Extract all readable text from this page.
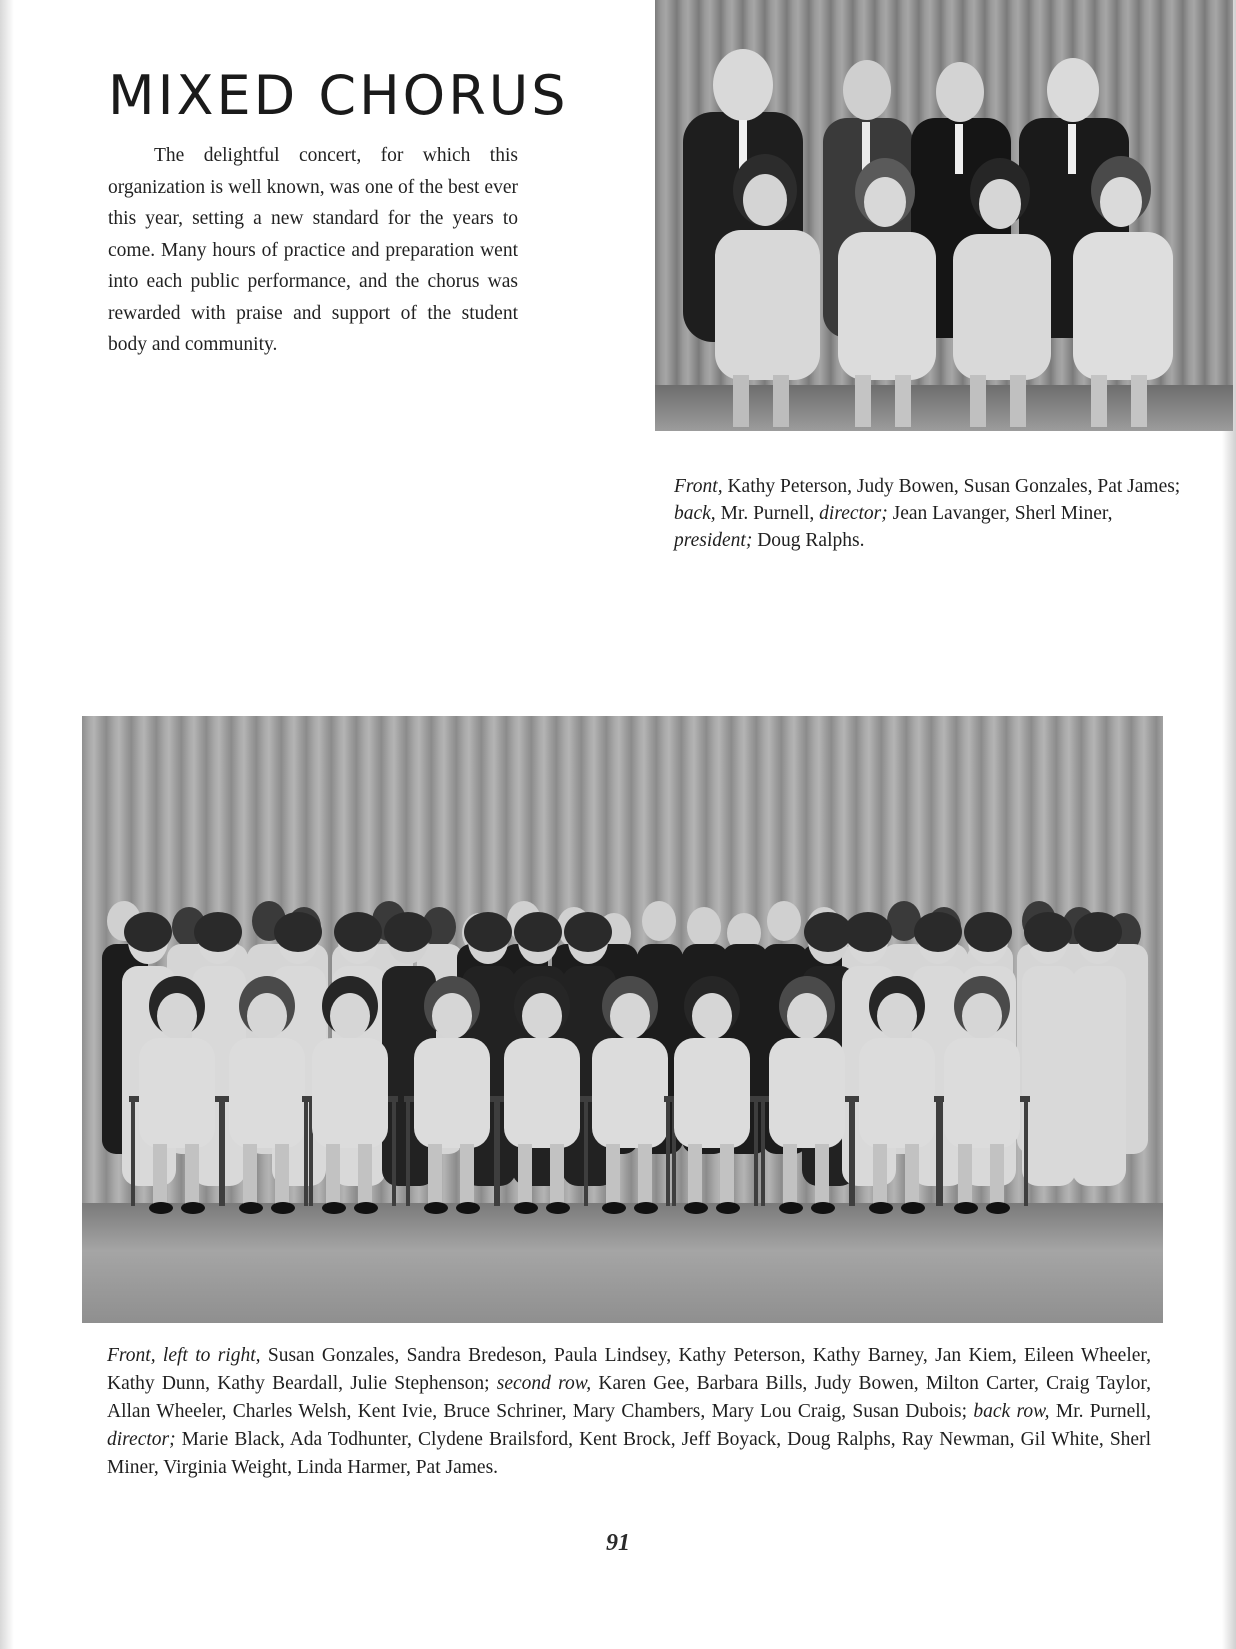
MIXED CHORUS

The delightful concert, for which this organization is well known, was one of the best ever this year, setting a new standard for the years to come. Many hours of practice and preparation went into each public performance, and the chorus was rewarded with praise and support of the student body and community.

Front, Kathy Peterson, Judy Bowen, Susan Gonzales, Pat James; back, Mr. Purnell, director; Jean Lavanger, Sherl Miner, president; Doug Ralphs.

Front, left to right, Susan Gonzales, Sandra Bredeson, Paula Lindsey, Kathy Peterson, Kathy Barney, Jan Kiem, Eileen Wheeler, Kathy Dunn, Kathy Beardall, Julie Stephenson; second row, Karen Gee, Barbara Bills, Judy Bowen, Milton Carter, Craig Taylor, Allan Wheeler, Charles Welsh, Kent Ivie, Bruce Schriner, Mary Chambers, Mary Lou Craig, Susan Dubois; back row, Mr. Purnell, director; Marie Black, Ada Todhunter, Clydene Brailsford, Kent Brock, Jeff Boyack, Doug Ralphs, Ray Newman, Gil White, Sherl Miner, Virginia Weight, Linda Harmer, Pat James.

91
